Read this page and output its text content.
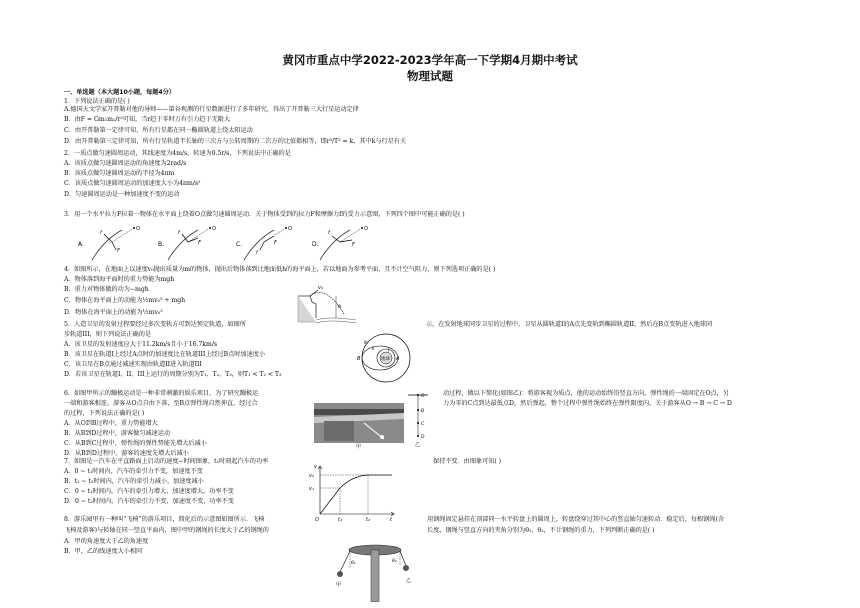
黄冈市重点中学2022-2023学年高一下学期4月期中考试
物理试题
一、单选题（本大题10小题，每题4分）
1．下列说法正确的是( )
A.德国天文学家开普勒对他的导师——第谷观测的行星数据进行了多年研究，得出了开普勒三大行星运动定律
B．由F = Gm₁m₂/r²可知，当r趋于零时万有引力趋于无限大
C．由开普勒第一定律可知，所有行星都在同一椭圆轨道上绕太阳运动
D．由开普勒第三定律可知，所有行星轨道半长轴的三次方与公转周期的二次方的比值都相等，即r³/T² = k，其中k与行星有关
2．一质点做匀速圆周运动，其线速度为4m/s，转速为0.5r/s，下列说法中正确的是
A．该质点做匀速圆周运动的角速度为2rad/s
B．该质点做匀速圆周运动的半径为4πm
C．该质点做匀速圆周运动的加速度大小为4πm/s²
D．匀速圆周运动是一种加速度不变的运动
3．用一个水平拉力F拉着一物体在水平面上绕着O点做匀速圆周运动．关于物体受到的拉力F和摩擦力f的受力示意图，下列四个图中可能正确的是( )
O
f
F
A.
O
f
F
B.
O
f
F
C.
O
f
F
D.
4．如图所示，在地面上以速度v₀抛出质量为m的物体，抛出后物体落到比地面低h的海平面上，若以地面为参考平面，且不计空气阻力，则下列选项正确的是( )
A．物体落到海平面时的重力势能为mgh
B．重力对物体做的功为−mgh
C．物体在海平面上的动能为½mv₀² + mgh
D．物体在海平面上的动能为½mv₀²
h
v₀
5．人造卫星的发射过程要经过多次变轨方可到达预定轨道，如图所	示，在发射地球同步卫星的过程中，卫星从圆轨道I的A点先变轨到椭圆轨道II，然后在B点变轨进入地球同
步轨道III，则下列说法正确的是
A．该卫星的发射速度应大于11.2km/s且小于16.7km/s
B．该卫星在轨道I上经过A点时的加速度比在轨道III上经过B点时加速度小
C．该卫星在B点通过减速实现由轨道II进入轨道III
D．若该卫星在轨道I、II、III上运行的周期分别为T₁、T₂、T₃，则T₁ < T₂ < T₃
地球 A
B
I
II
III
6．如图甲所示的蹦极运动是一种非常刺激的娱乐项目，为了研究蹦极运	动过程，做以下简化(如图乙)：将游客视为质点，他的运动始终沿竖直方向，弹性绳的一端固定在O点，另
一端和游客相连，游客从O点自由下落，至B点弹性绳自然伸直，经过合	力为零的C点到达最低点D，然后弹起，整个过程中弹性绳始终在弹性限度内，关于游客从O → B → C → D
的过程，下列说法正确的是( )
A．从O到B过程中，重力势能增大
B．从B到D过程中，游客做匀减速运动
C．从B到C过程中，弹性绳的弹性势能先增大后减小
D．从B到D过程中，游客的速度先增大后减小
甲
O
B
C
D
乙
7．如图是一汽车在平直路面上启动的速度−时间图象，t₁时刻起汽车的功率	保持不变．由图象可知( )
A．0 ~ t₁时间内，汽车的牵引力不变，加速度不变
B．t₁ ~ t₂时间内，汽车的牵引力减小，加速度减小
C．0 ~ t₁时间内，汽车的牵引力增大，加速度增大，功率不变
D．0 ~ t₂时间内，汽车的牵引力不变，加速度不变，功率不变
v
v₂
v₁
O	t₁	t₂	t
8．游乐园里有一种叫“飞椅”的游乐项目，简化后的示意图如图所示．飞椅	用钢绳固定悬挂在顶部同一水平转盘上的圆周上，转盘绕穿过其中心的竖直轴匀速转动．稳定后，每根钢绳(含
飞椅及游客)与转轴在同一竖直平面内，图中甲的钢绳的长度大于乙的钢绳的	长度，钢绳与竖直方向的夹角分别为θ₁、θ₂，不计钢绳的重力，下列判断正确的是( )
A．甲的角速度大于乙的角速度
B．甲、乙的线速度大小相同
甲
乙
θ₁	θ₂
